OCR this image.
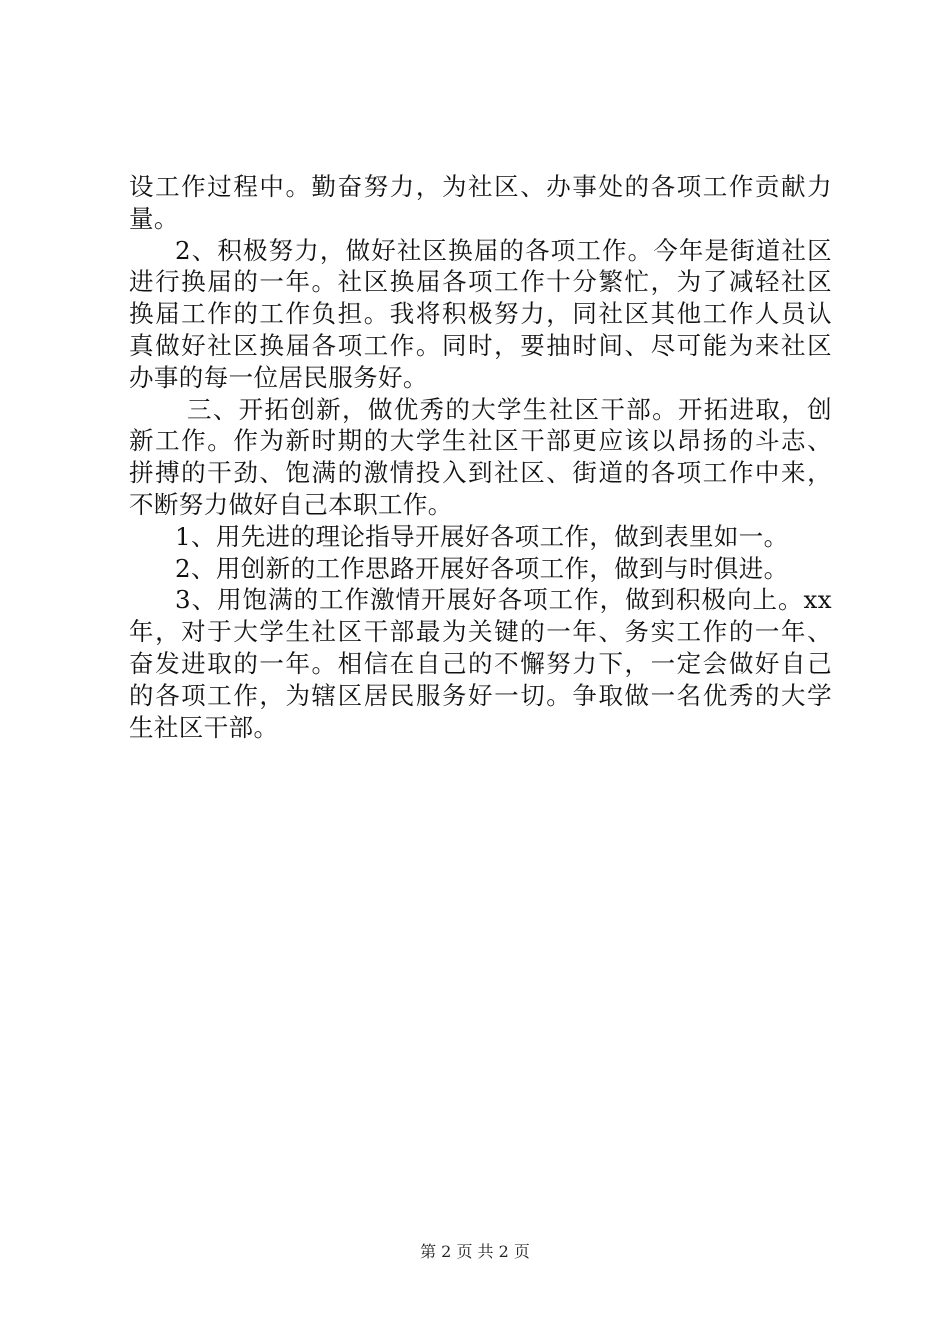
设工作过程中。勤奋努力，为社区、办事处的各项工作贡献力
量。
2、积极努力，做好社区换届的各项工作。今年是街道社区
进行换届的一年。社区换届各项工作十分繁忙，为了减轻社区
换届工作的工作负担。我将积极努力，同社区其他工作人员认
真做好社区换届各项工作。同时，要抽时间、尽可能为来社区
办事的每一位居民服务好。
三、开拓创新，做优秀的大学生社区干部。开拓进取，创
新工作。作为新时期的大学生社区干部更应该以昂扬的斗志、
拼搏的干劲、饱满的激情投入到社区、街道的各项工作中来，
不断努力做好自己本职工作。
1、用先进的理论指导开展好各项工作，做到表里如一。
2、用创新的工作思路开展好各项工作，做到与时俱进。
3、用饱满的工作激情开展好各项工作，做到积极向上。xx
年，对于大学生社区干部最为关键的一年、务实工作的一年、
奋发进取的一年。相信在自己的不懈努力下，一定会做好自己
的各项工作，为辖区居民服务好一切。争取做一名优秀的大学
生社区干部。
第 2 页 共 2 页
